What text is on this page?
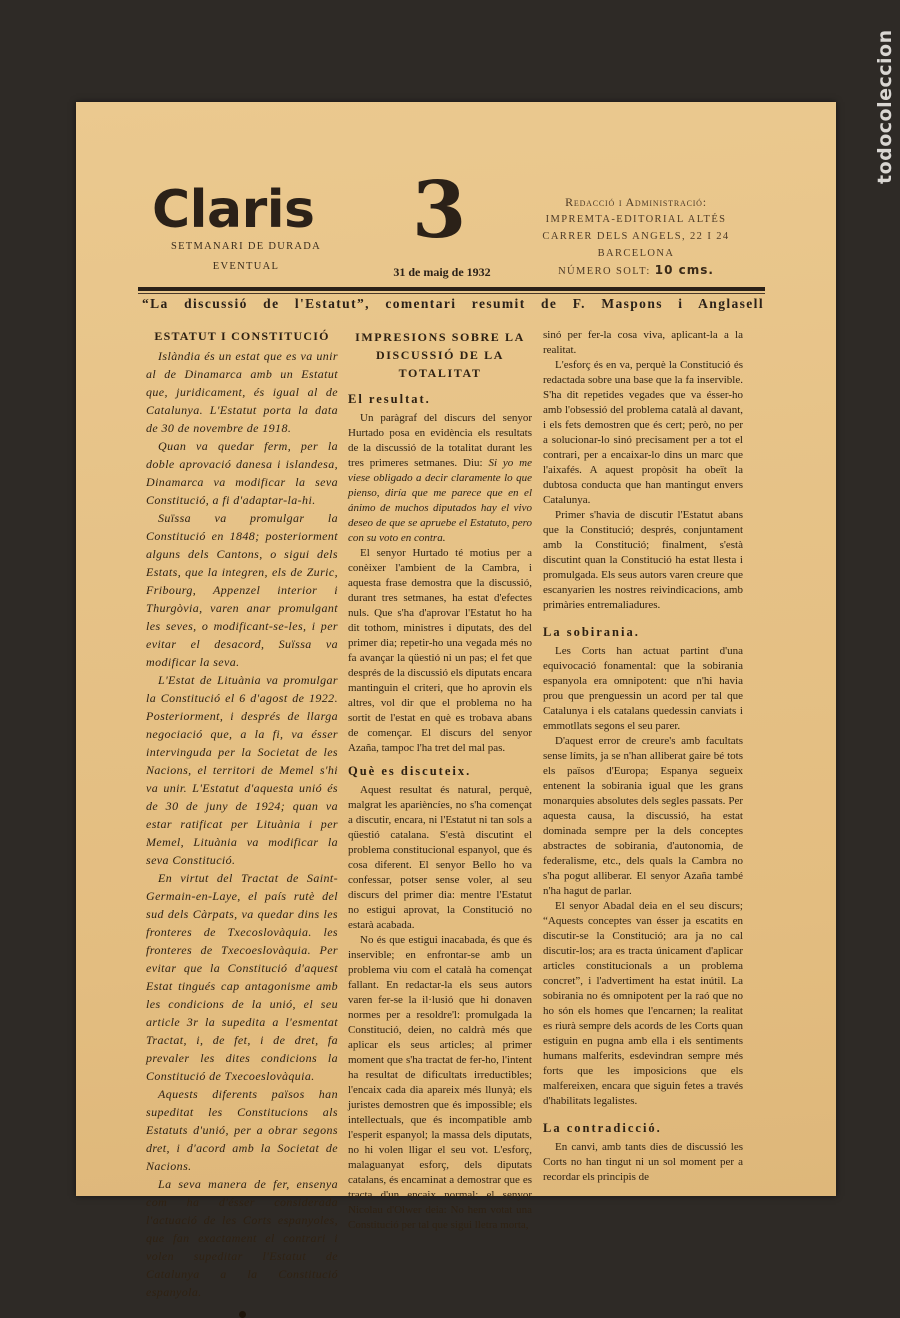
todocoleccion
Claris
SETMANARI DE DURADA
EVENTUAL
3
31 de maig de 1932
Redacció i Administració:
IMPREMTA-EDITORIAL ALTÉS
CARRER DELS ANGELS, 22 I 24
BARCELONA
NÚMERO SOLT: 10 cms.
“La discussió de l'Estatut”, comentari resumit de F. Maspons i Anglasell
ESTATUT I CONSTITUCIÓ

Islàndia és un estat que es va unir al de Dinamarca amb un Estatut que, juridicament, és igual al de Catalunya. L'Estatut porta la data de 30 de novembre de 1918.

Quan va quedar ferm, per la doble aprovació danesa i islandesa, Dinamarca va modificar la seva Constitució, a fi d'adaptar-la-hi.

Suïssa va promulgar la Constitució en 1848; posteriorment alguns dels Cantons, o sigui dels Estats, que la integren, els de Zuric, Fribourg, Appenzel interior i Thurgòvia, varen anar promulgant les seves, o modificant-se-les, i per evitar el desacord, Suïssa va modificar la seva.

L'Estat de Lituània va promulgar la Constitució el 6 d'agost de 1922. Posteriorment, i després de llarga negociació que, a la fi, va ésser intervinguda per la Societat de les Nacions, el territori de Memel s'hi va unir. L'Estatut d'aquesta unió és de 30 de juny de 1924; quan va estar ratificat per Lituània i per Memel, Lituània va modificar la seva Constitució.

En virtut del Tractat de Saint-Germain-en-Laye, el país rutè del sud dels Càrpats, va quedar dins les fronteres de Txecoslovàquia. les fronteres de Txecoeslovàquia. Per evitar que la Constitució d'aquest Estat tingués cap antagonisme amb les condicions de la unió, el seu article 3r la supedita a l'esmentat Tractat, i, de fet, i de dret, fa prevaler les dites condicions la Constitució de Txecoeslovàquia.

Aquests diferents països han supeditat les Constitucions als Estatuts d'unió, per a obrar segons dret, i d'acord amb la Societat de Nacions.

La seva manera de fer, ensenya com ha d'ésser considerada l'actuació de les Corts espanyoles, que fan exactament el contrari i volen supeditar l'Estatut de Catalunya a la Constitució espanyola.

IMPRESIONS SOBRE LA DISCUSSIÓ DE LA TOTALITAT
El resultat.

Un paràgraf del discurs del senyor Hurtado posa en evidència els resultats de la discussió de la totalitat durant les tres primeres setmanes. Diu: Si yo me viese obligado a decir claramente lo que pienso, diría que me parece que en el ánimo de muchos diputados hay el vivo deseo de que se apruebe el Estatuto, pero con su voto en contra.

El senyor Hurtado té motius per a conèixer l'ambient de la Cambra, i aquesta frase demostra que la discussió, durant tres setmanes, ha estat d'efectes nuls. Que s'ha d'aprovar l'Estatut ho ha dit tothom, ministres i diputats, des del primer dia; repetir-ho una vegada més no fa avançar la qüestió ni un pas; el fet que després de la discussió els diputats encara mantinguin el criteri, que ho aprovin els altres, vol dir que el problema no ha sortit de l'estat en què es trobava abans de començar. El discurs del senyor Azaña, tampoc l'ha tret del mal pas.

Què es discuteix.

Aquest resultat és natural, perquè, malgrat les aparièncíes, no s'ha començat a discutir, encara, ni l'Estatut ni tan sols a qüestió catalana. S'està discutint el problema constitucional espanyol, que és cosa diferent. El senyor Bello ho va confessar, potser sense voler, al seu discurs del primer dia: mentre l'Estatut no estigui aprovat, la Constitució no estarà acabada.

No és que estigui inacabada, és que és inservible; en enfrontar-se amb un problema viu com el català ha començat fallant. En redactar-la els seus autors varen fer-se la il·lusió que hi donaven normes per a resoldre'l: promulgada la Constitució, deien, no caldrà més que aplicar els seus articles; al primer moment que s'ha tractat de fer-ho, l'intent ha resultat de dificultats irreductibles; l'encaix cada dia apareix més llunyà; els juristes demostren que és impossible; els intellectuals, que és incompatible amb l'esperit espanyol; la massa dels diputats, no hi volen lligar el seu vot. L'esforç, malaguanyat esforç, dels diputats catalans, és encaminat a demostrar que es tracta d'un encaix normal; el senyor Nicolau d'Olwer deia: No hem votat una Constitució per tal que sigui lletra morta,

sinó per fer-la cosa viva, aplicant-la a la realitat.

L'esforç és en va, perquè la Constitució és redactada sobre una base que la fa inservible. S'ha dit repetides vegades que va ésser-ho amb l'obsessió del problema català al davant, i els fets demostren que és cert; però, no per a solucionar-lo sinó precisament per a tot el contrari, per a encaixar-lo dins un marc que l'aixafés. A aquest propòsit ha obeït la dubtosa conducta que han mantingut envers Catalunya.

Primer s'havia de discutir l'Estatut abans que la Constitució; després, conjuntament amb la Constitució; finalment, s'està discutint quan la Constitució ha estat llesta i promulgada. Els seus autors varen creure que escanyarien les nostres reivindicacions, amb primàries entremaliadures.

La sobirania.

Les Corts han actuat partint d'una equivocació fonamental: que la sobirania espanyola era omnipotent: que n'hi havia prou que prenguessin un acord per tal que Catalunya i els catalans quedessin canviats i emmotllats segons el seu parer.

D'aquest error de creure's amb facultats sense límits, ja se n'han alliberat gaire bé tots els països d'Europa; Espanya segueix entenent la sobirania igual que les grans monarquies absolutes dels segles passats. Per aquesta causa, la discussió, ha estat dominada sempre per la dels conceptes abstractes de sobirania, d'autonomia, de federalisme, etc., dels quals la Cambra no s'ha pogut alliberar. El senyor Azaña també n'ha hagut de parlar.

El senyor Abadal deia en el seu discurs; “Aquests conceptes van ésser ja escatits en discutir-se la Constitució; ara ja no cal discutir-los; ara es tracta únicament d'aplicar articles constitucionals a un problema concret”, i l'advertiment ha estat inútil. La sobirania no és omnipotent per la raó que no ho són els homes que l'encarnen; la realitat es riurà sempre dels acords de les Corts quan estiguin en pugna amb ella i els sentiments humans malferits, esdevindran sempre més forts que les imposicions que els malfereixen, encara que siguin fetes a través d'habilitats legalistes.

La contradicció.

En canvi, amb tants dies de discussió les Corts no han tingut ni un sol moment per a recordar els principis de
